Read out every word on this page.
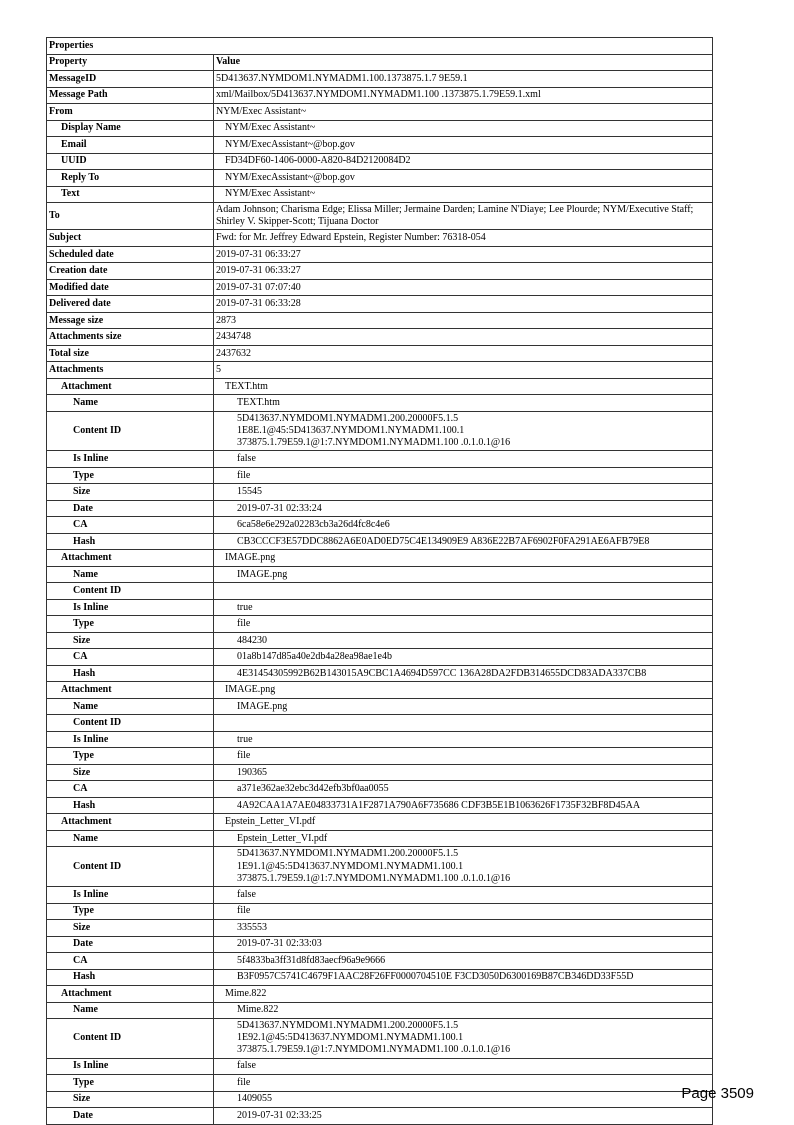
Properties	
Property	Value
MessageID	5D413637.NYMDOM1.NYMADM1.100.1373875.1.7 9E59.1
Message Path	xml/Mailbox/5D413637.NYMDOM1.NYMADM1.100 .1373875.1.79E59.1.xml
From	NYM/Exec Assistant~
Display Name	NYM/Exec Assistant~
Email	NYM/ExecAssistant~@bop.gov
UUID	FD34DF60-1406-0000-A820-84D2120084D2
Reply To	NYM/ExecAssistant~@bop.gov
Text	NYM/Exec Assistant~
To	Adam Johnson; Charisma Edge; Elissa Miller; Jermaine Darden; Lamine N'Diaye; Lee Plourde; NYM/Executive Staff; Shirley V. Skipper-Scott; Tijuana Doctor
Subject	Fwd: for Mr. Jeffrey Edward Epstein, Register Number: 76318-054
Scheduled date	2019-07-31 06:33:27
Creation date	2019-07-31 06:33:27
Modified date	2019-07-31 07:07:40
Delivered date	2019-07-31 06:33:28
Message size	2873
Attachments size	2434748
Total size	2437632
Attachments	5
Attachment	TEXT.htm
Name	TEXT.htm
Content ID	5D413637.NYMDOM1.NYMADM1.200.20000F5.1.5
1E8E.1@45:5D413637.NYMDOM1.NYMADM1.100.1
373875.1.79E59.1@1:7.NYMDOM1.NYMADM1.100 .0.1.0.1@16
Is Inline	false
Type	file
Size	15545
Date	2019-07-31 02:33:24
CA	6ca58e6e292a02283cb3a26d4fc8c4e6
Hash	CB3CCCF3E57DDC8862A6E0AD0ED75C4E134909E9 A836E22B7AF6902F0FA291AE6AFB79E8
Attachment	IMAGE.png
Name	IMAGE.png
Content ID	
Is Inline	true
Type	file
Size	484230
CA	01a8b147d85a40e2db4a28ea98ae1e4b
Hash	4E31454305992B62B143015A9CBC1A4694D597CC 136A28DA2FDB314655DCD83ADA337CB8
Attachment	IMAGE.png
Name	IMAGE.png
Content ID	
Is Inline	true
Type	file
Size	190365
CA	a371e362ae32ebc3d42efb3bf0aa0055
Hash	4A92CAA1A7AE04833731A1F2871A790A6F735686 CDF3B5E1B1063626F1735F32BF8D45AA
Attachment	Epstein_Letter_VI.pdf
Name	Epstein_Letter_VI.pdf
Content ID	5D413637.NYMDOM1.NYMADM1.200.20000F5.1.5
1E91.1@45:5D413637.NYMDOM1.NYMADM1.100.1
373875.1.79E59.1@1:7.NYMDOM1.NYMADM1.100 .0.1.0.1@16
Is Inline	false
Type	file
Size	335553
Date	2019-07-31 02:33:03
CA	5f4833ba3ff31d8fd83aecf96a9e9666
Hash	B3F0957C5741C4679F1AAC28F26FF0000704510E F3CD3050D6300169B87CB346DD33F55D
Attachment	Mime.822
Name	Mime.822
Content ID	5D413637.NYMDOM1.NYMADM1.200.20000F5.1.5
1E92.1@45:5D413637.NYMDOM1.NYMADM1.100.1
373875.1.79E59.1@1:7.NYMDOM1.NYMADM1.100 .0.1.0.1@16
Is Inline	false
Type	file
Size	1409055
Date	2019-07-31 02:33:25
Page 3509
